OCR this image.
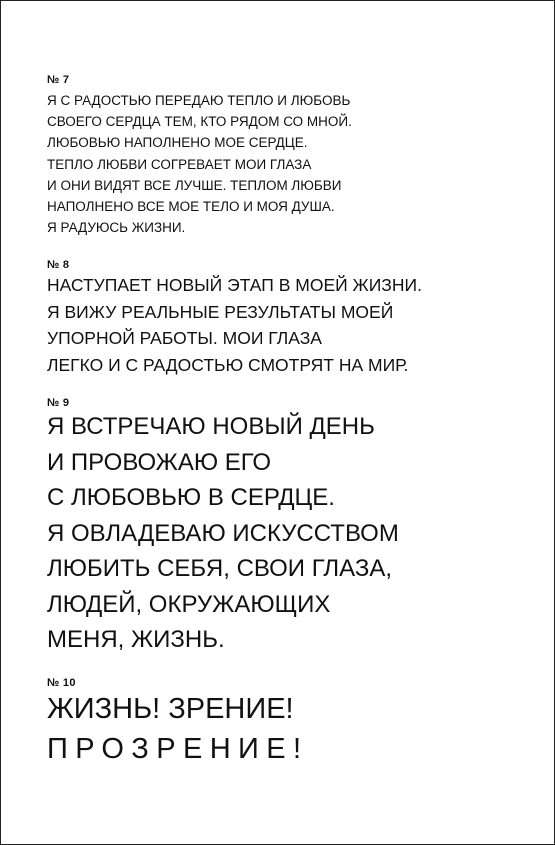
№ 7
Я С РАДОСТЬЮ ПЕРЕДАЮ ТЕПЛО И ЛЮБОВЬ
СВОЕГО СЕРДЦА ТЕМ, КТО РЯДОМ СО МНОЙ.
ЛЮБОВЬЮ НАПОЛНЕНО МОЕ СЕРДЦЕ.
ТЕПЛО ЛЮБВИ СОГРЕВАЕТ МОИ ГЛАЗА
И ОНИ ВИДЯТ ВСЕ ЛУЧШЕ. ТЕПЛОМ ЛЮБВИ
НАПОЛНЕНО ВСЕ МОЕ ТЕЛО И МОЯ ДУША.
Я РАДУЮСЬ ЖИЗНИ.
№ 8
НАСТУПАЕТ НОВЫЙ ЭТАП В МОЕЙ ЖИЗНИ.
Я ВИЖУ РЕАЛЬНЫЕ РЕЗУЛЬТАТЫ МОЕЙ
УПОРНОЙ РАБОТЫ. МОИ ГЛАЗА
ЛЕГКО И С РАДОСТЬЮ СМОТРЯТ НА МИР.
№ 9
Я ВСТРЕЧАЮ НОВЫЙ ДЕНЬ
И ПРОВОЖАЮ ЕГО
С ЛЮБОВЬЮ В СЕРДЦЕ.
Я ОВЛАДЕВАЮ ИСКУССТВОМ
ЛЮБИТЬ СЕБЯ, СВОИ ГЛАЗА,
ЛЮДЕЙ, ОКРУЖАЮЩИХ
МЕНЯ, ЖИЗНЬ.
№ 10
ЖИЗНЬ! ЗРЕНИЕ!
ПРОЗРЕНИЕ!
